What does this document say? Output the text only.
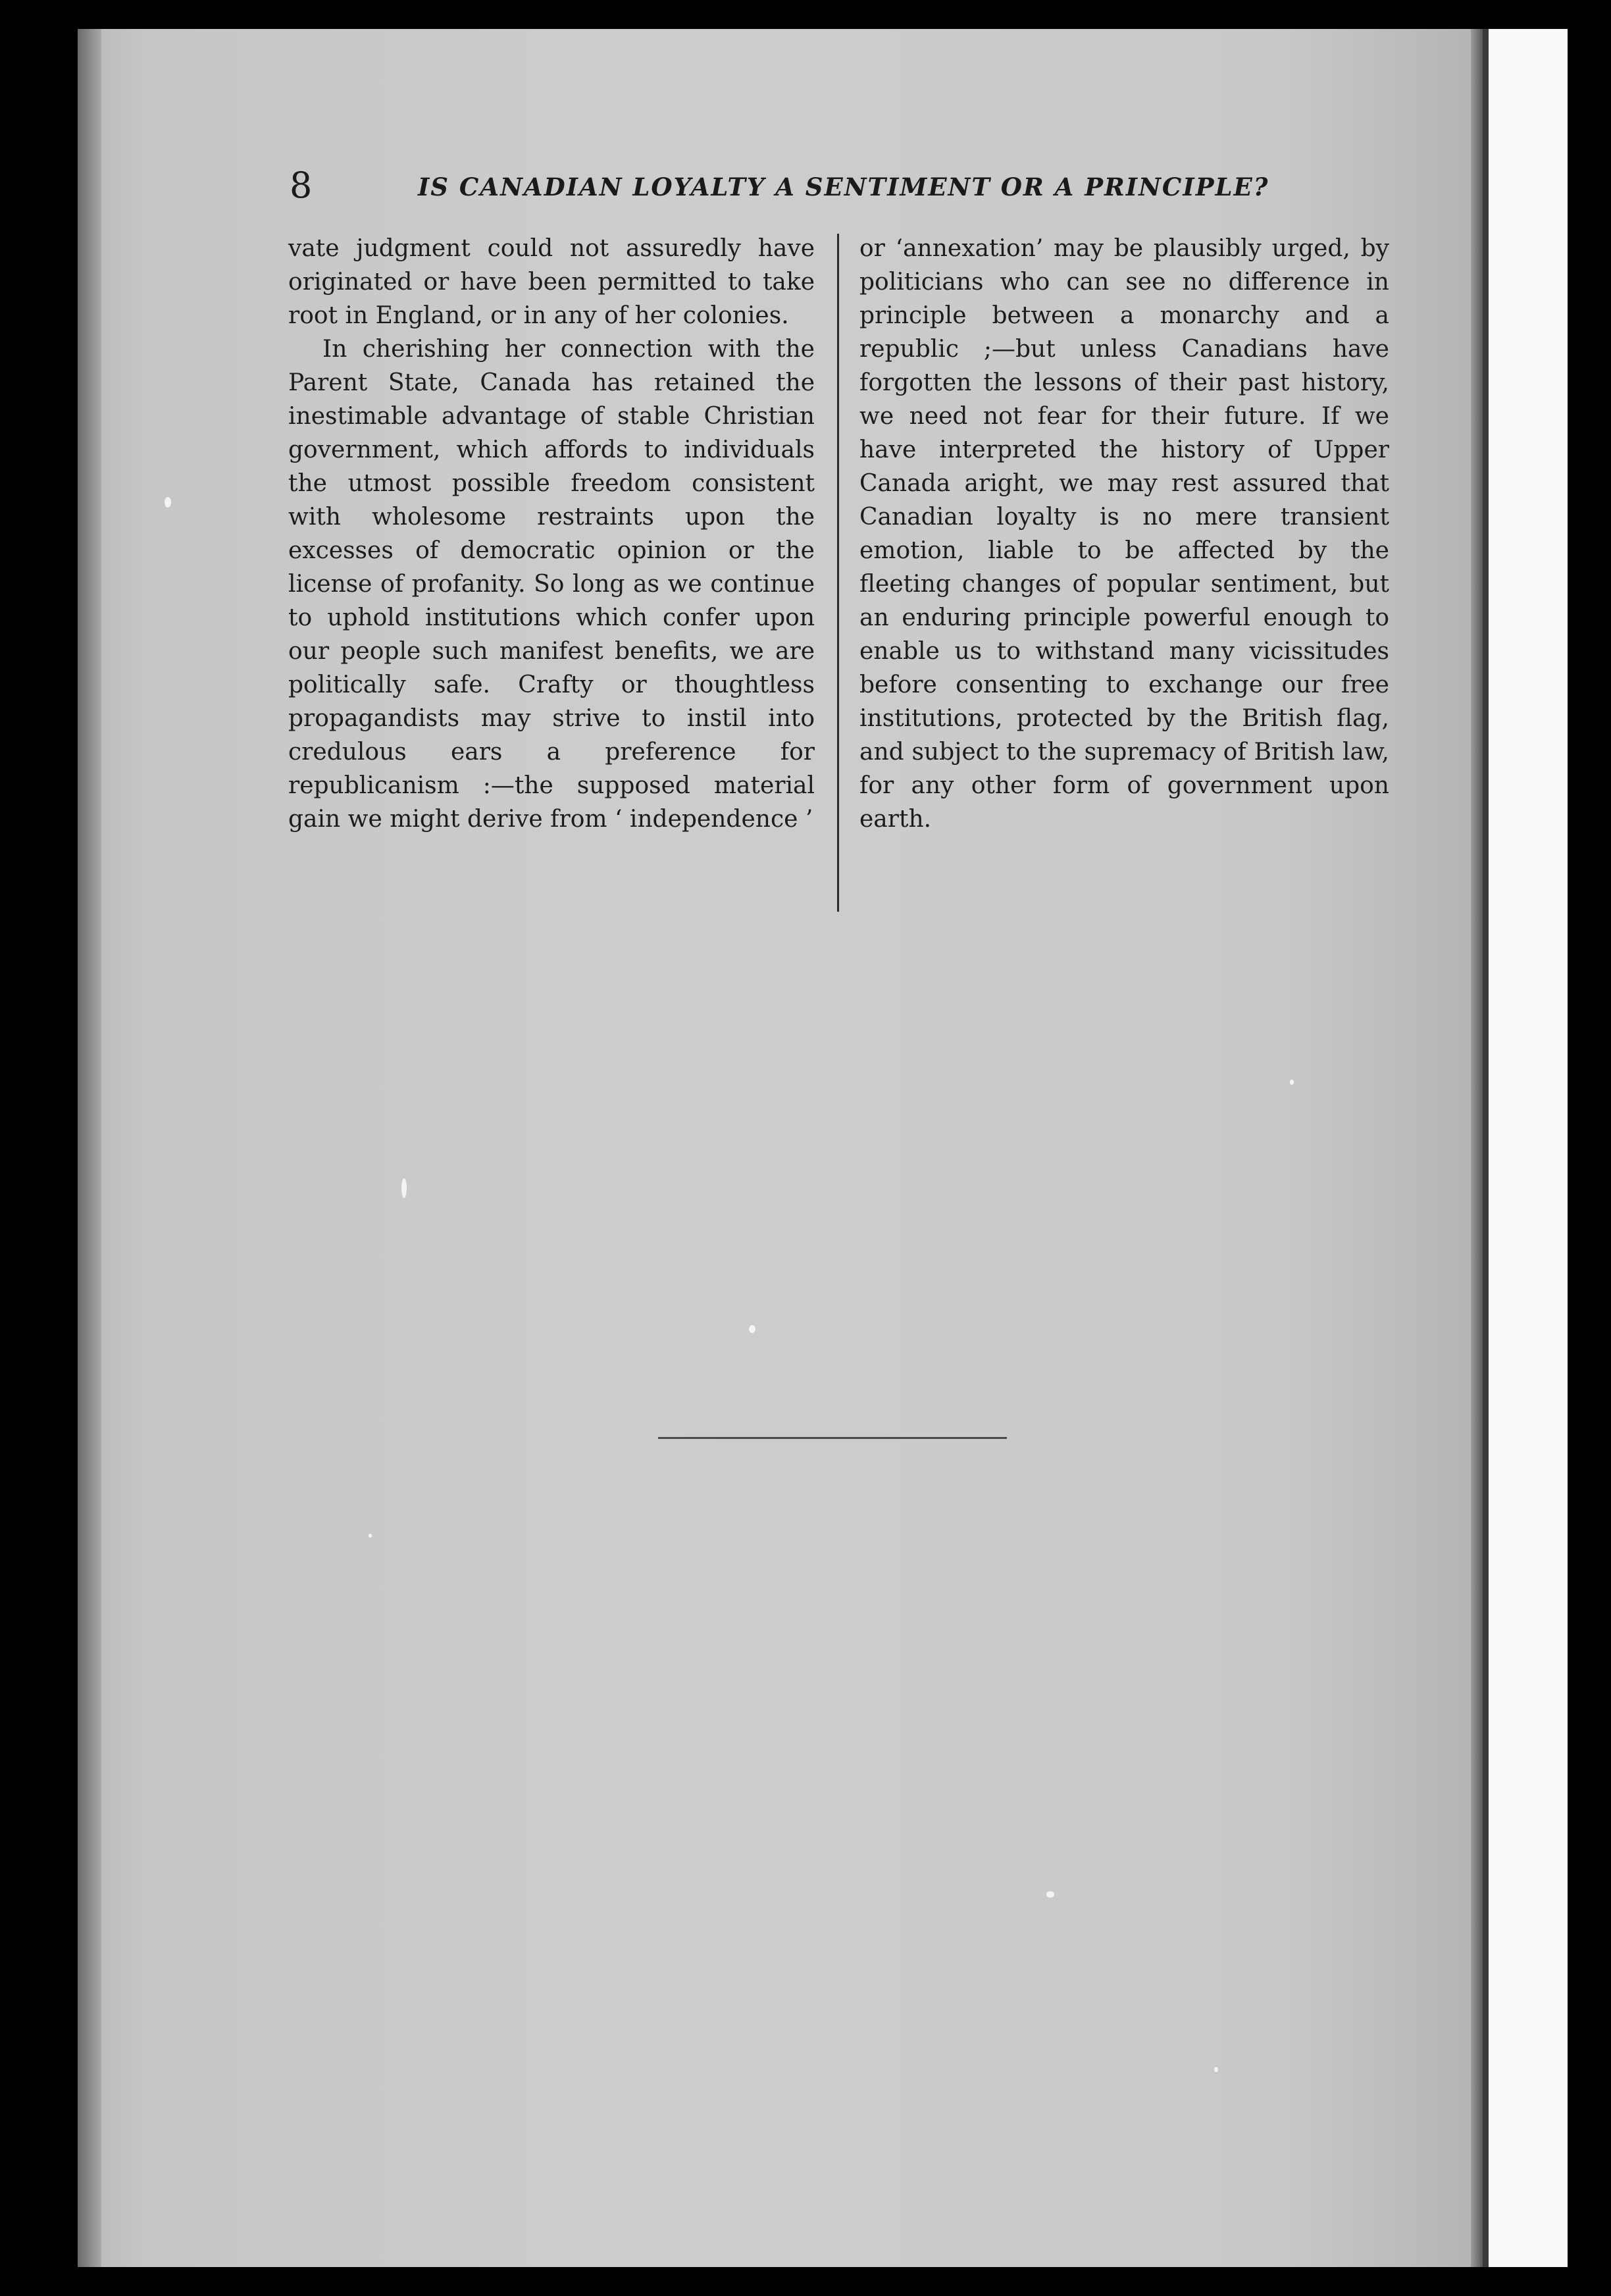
8	IS CANADIAN LOYALTY A SENTIMENT OR A PRINCIPLE?

vate judgment could not assuredly have originated or have been permitted to take root in England, or in any of her colonies.

In cherishing her connection with the Parent State, Canada has retained the inestimable advantage of stable Christian government, which affords to individuals the utmost possible freedom consistent with wholesome restraints upon the excesses of democratic opinion or the license of profanity. So long as we continue to uphold institutions which confer upon our people such manifest benefits, we are politically safe. Crafty or thoughtless propagandists may strive to instil into credulous ears a preference for republicanism :—the supposed material gain we might derive from ‘ independence ’

or ‘annexation’ may be plausibly urged, by politicians who can see no difference in principle between a monarchy and a republic ;—but unless Canadians have forgotten the lessons of their past history, we need not fear for their future. If we have interpreted the history of Upper Canada aright, we may rest assured that Canadian loyalty is no mere transient emotion, liable to be affected by the fleeting changes of popular sentiment, but an enduring principle powerful enough to enable us to withstand many vicissitudes before consenting to exchange our free institutions, protected by the British flag, and subject to the supremacy of British law, for any other form of government upon earth.
